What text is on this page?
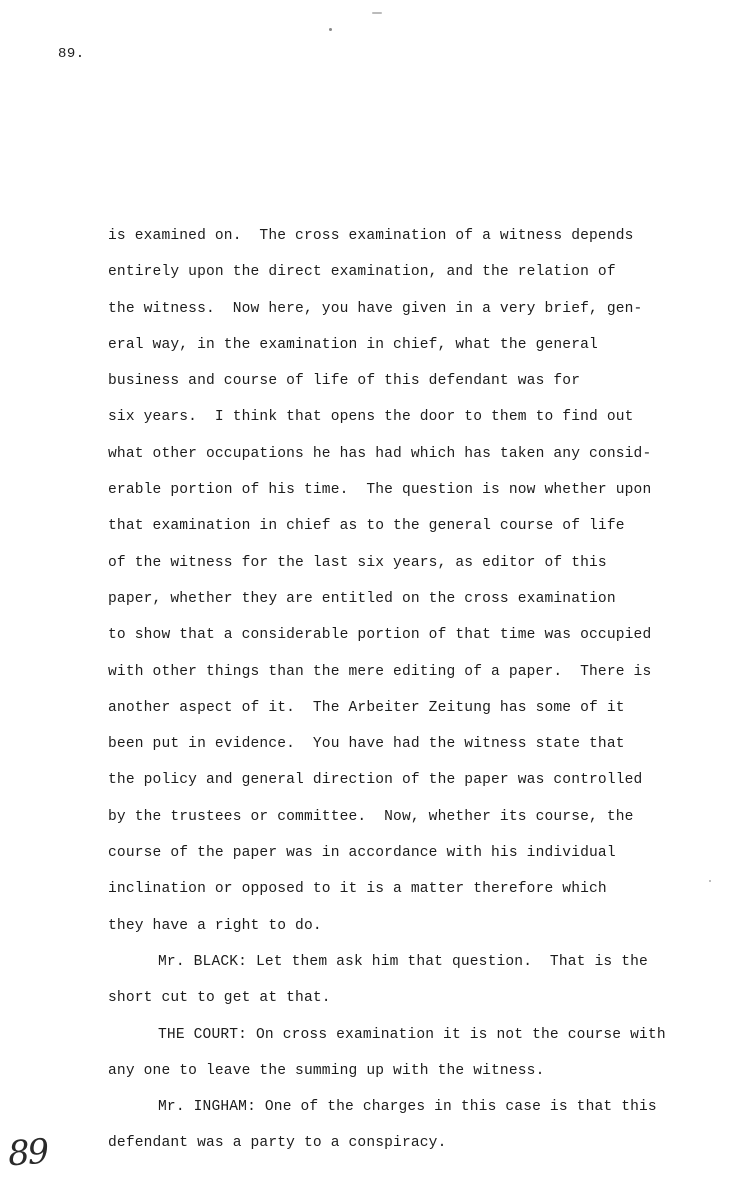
89.
is examined on.  The cross examination of a witness depends
entirely upon the direct examination, and the relation of
the witness.  Now here, you have given in a very brief, gen-
eral way, in the examination in chief, what the general
business and course of life of this defendant was for
six years.  I think that opens the door to them to find out
what other occupations he has had which has taken any consid-
erable portion of his time.  The question is now whether upon
that examination in chief as to the general course of life
of the witness for the last six years, as editor of this
paper, whether they are entitled on the cross examination
to show that a considerable portion of that time was occupied
with other things than the mere editing of a paper.  There is
another aspect of it.  The Arbeiter Zeitung has some of it
been put in evidence.  You have had the witness state that
the policy and general direction of the paper was controlled
by the trustees or committee.  Now, whether its course, the
course of the paper was in accordance with his individual
inclination or opposed to it is a matter therefore which
they have a right to do.
Mr. BLACK: Let them ask him that question.  That is the
short cut to get at that.
THE COURT: On cross examination it is not the course with
any one to leave the summing up with the witness.
Mr. INGHAM: One of the charges in this case is that this
defendant was a party to a conspiracy.
89
